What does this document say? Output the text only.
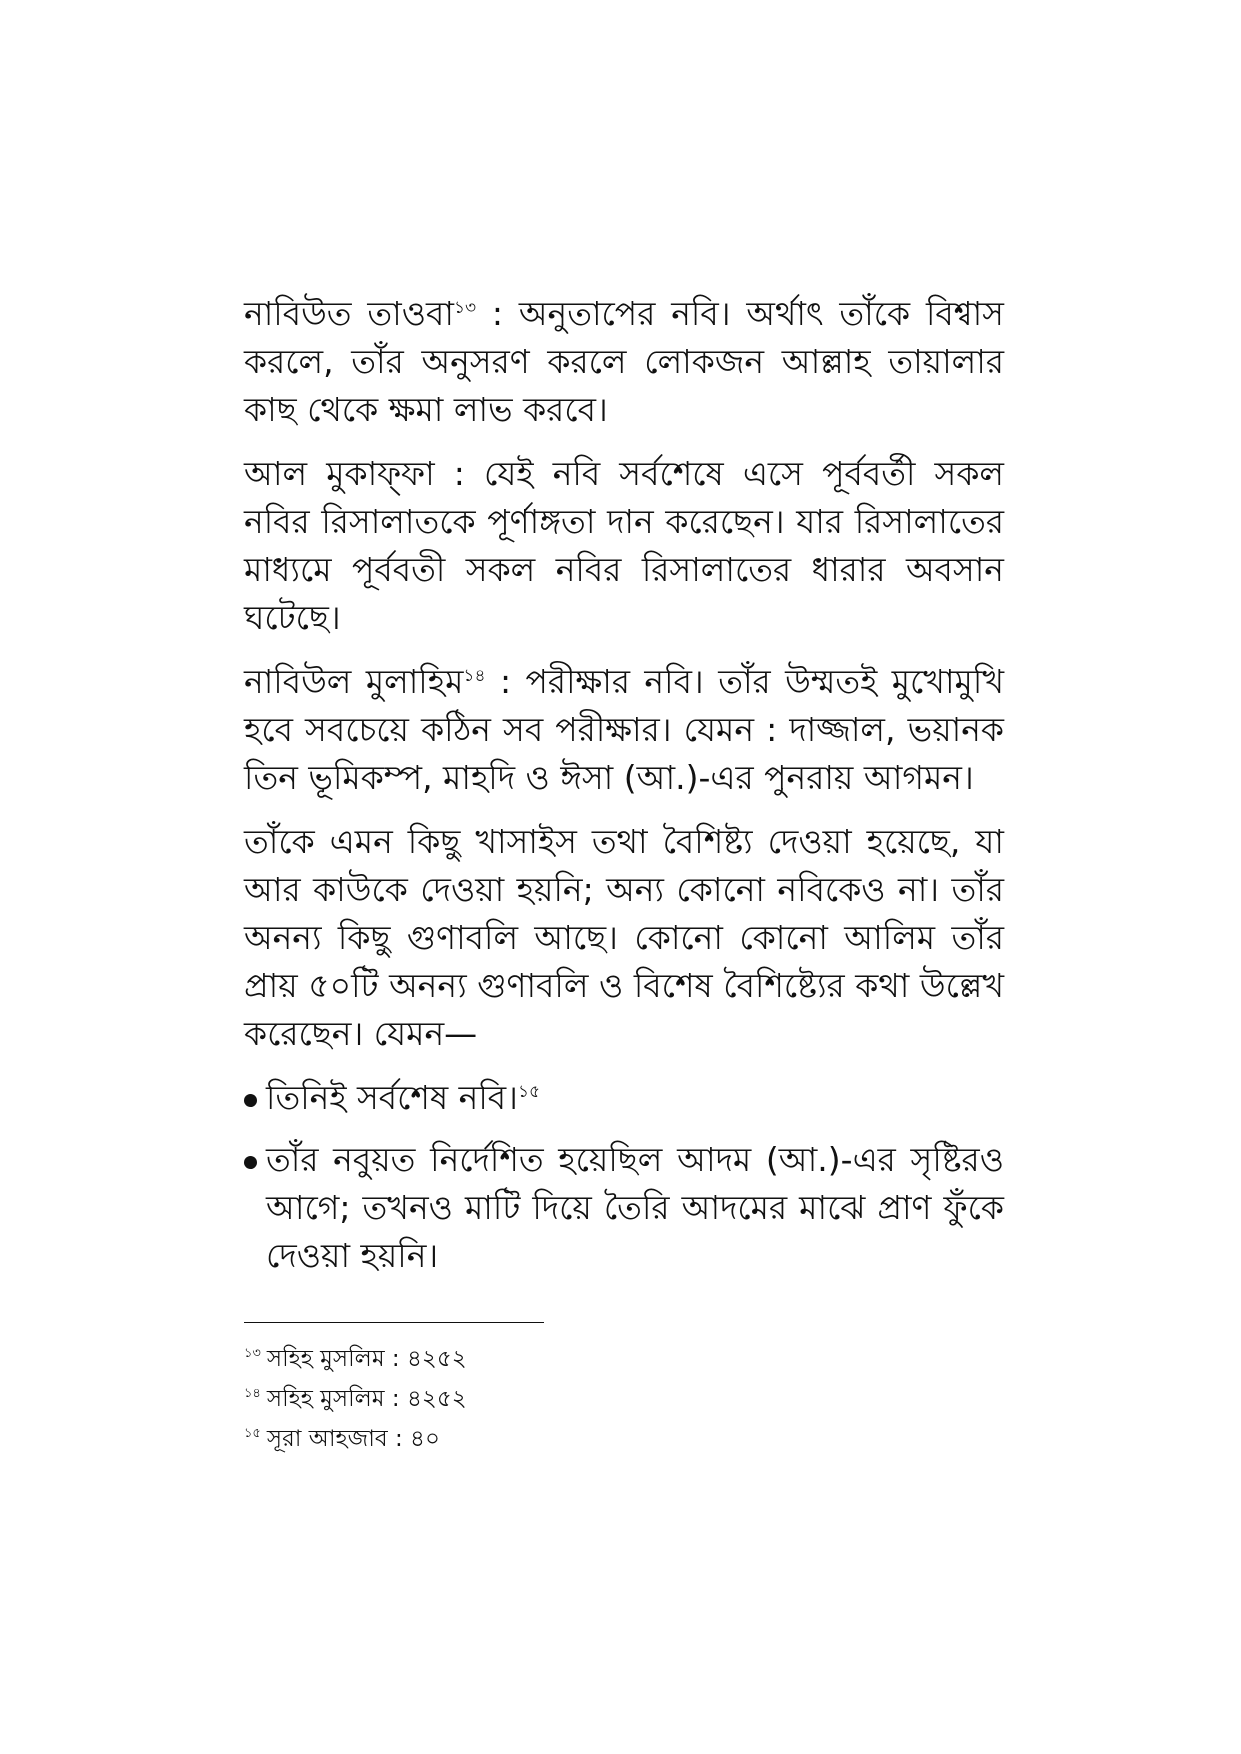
নাবিউত তাওবা$^{১৩}$ : অনুতাপের নবি। অর্থাৎ তাঁকে বিশ্বাস করলে, তাঁর অনুসরণ করলে লোকজন আল্লাহ তায়ালার কাছ থেকে ক্ষমা লাভ করবে।

আল মুকাফ্‌ফা : যেই নবি সর্বশেষে এসে পূর্ববর্তী সকল নবির রিসালাতকে পূর্ণাঙ্গতা দান করেছেন। যার রিসালাতের মাধ্যমে পূর্ববতী সকল নবির রিসালাতের ধারার অবসান ঘটেছে।

নাবিউল মুলাহিম$^{১৪}$ : পরীক্ষার নবি। তাঁর উম্মতই মুখোমুখি হবে সবচেয়ে কঠিন সব পরীক্ষার। যেমন : দাজ্জাল, ভয়ানক তিন ভূমিকম্প, মাহদি ও ঈসা (আ.)-এর পুনরায় আগমন।

তাঁকে এমন কিছু খাসাইস তথা বৈশিষ্ট্য দেওয়া হয়েছে, যা আর কাউকে দেওয়া হয়নি; অন্য কোনো নবিকেও না। তাঁর অনন্য কিছু গুণাবলি আছে। কোনো কোনো আলিম তাঁর প্রায় ৫০টি অনন্য গুণাবলি ও বিশেষ বৈশিষ্ট্যের কথা উল্লেখ করেছেন। যেমন—

তিনিই সর্বশেষ নবি।$^{১৫}$
তাঁর নবুয়ত নির্দেশিত হয়েছিল আদম (আ.)-এর সৃষ্টিরও আগে; তখনও মাটি দিয়ে তৈরি আদমের মাঝে প্রাণ ফুঁকে দেওয়া হয়নি।
$^{১৩}$ সহিহ মুসলিম : ৪২৫২
$^{১৪}$ সহিহ মুসলিম : ৪২৫২
$^{১৫}$ সূরা আহজাব : ৪০
